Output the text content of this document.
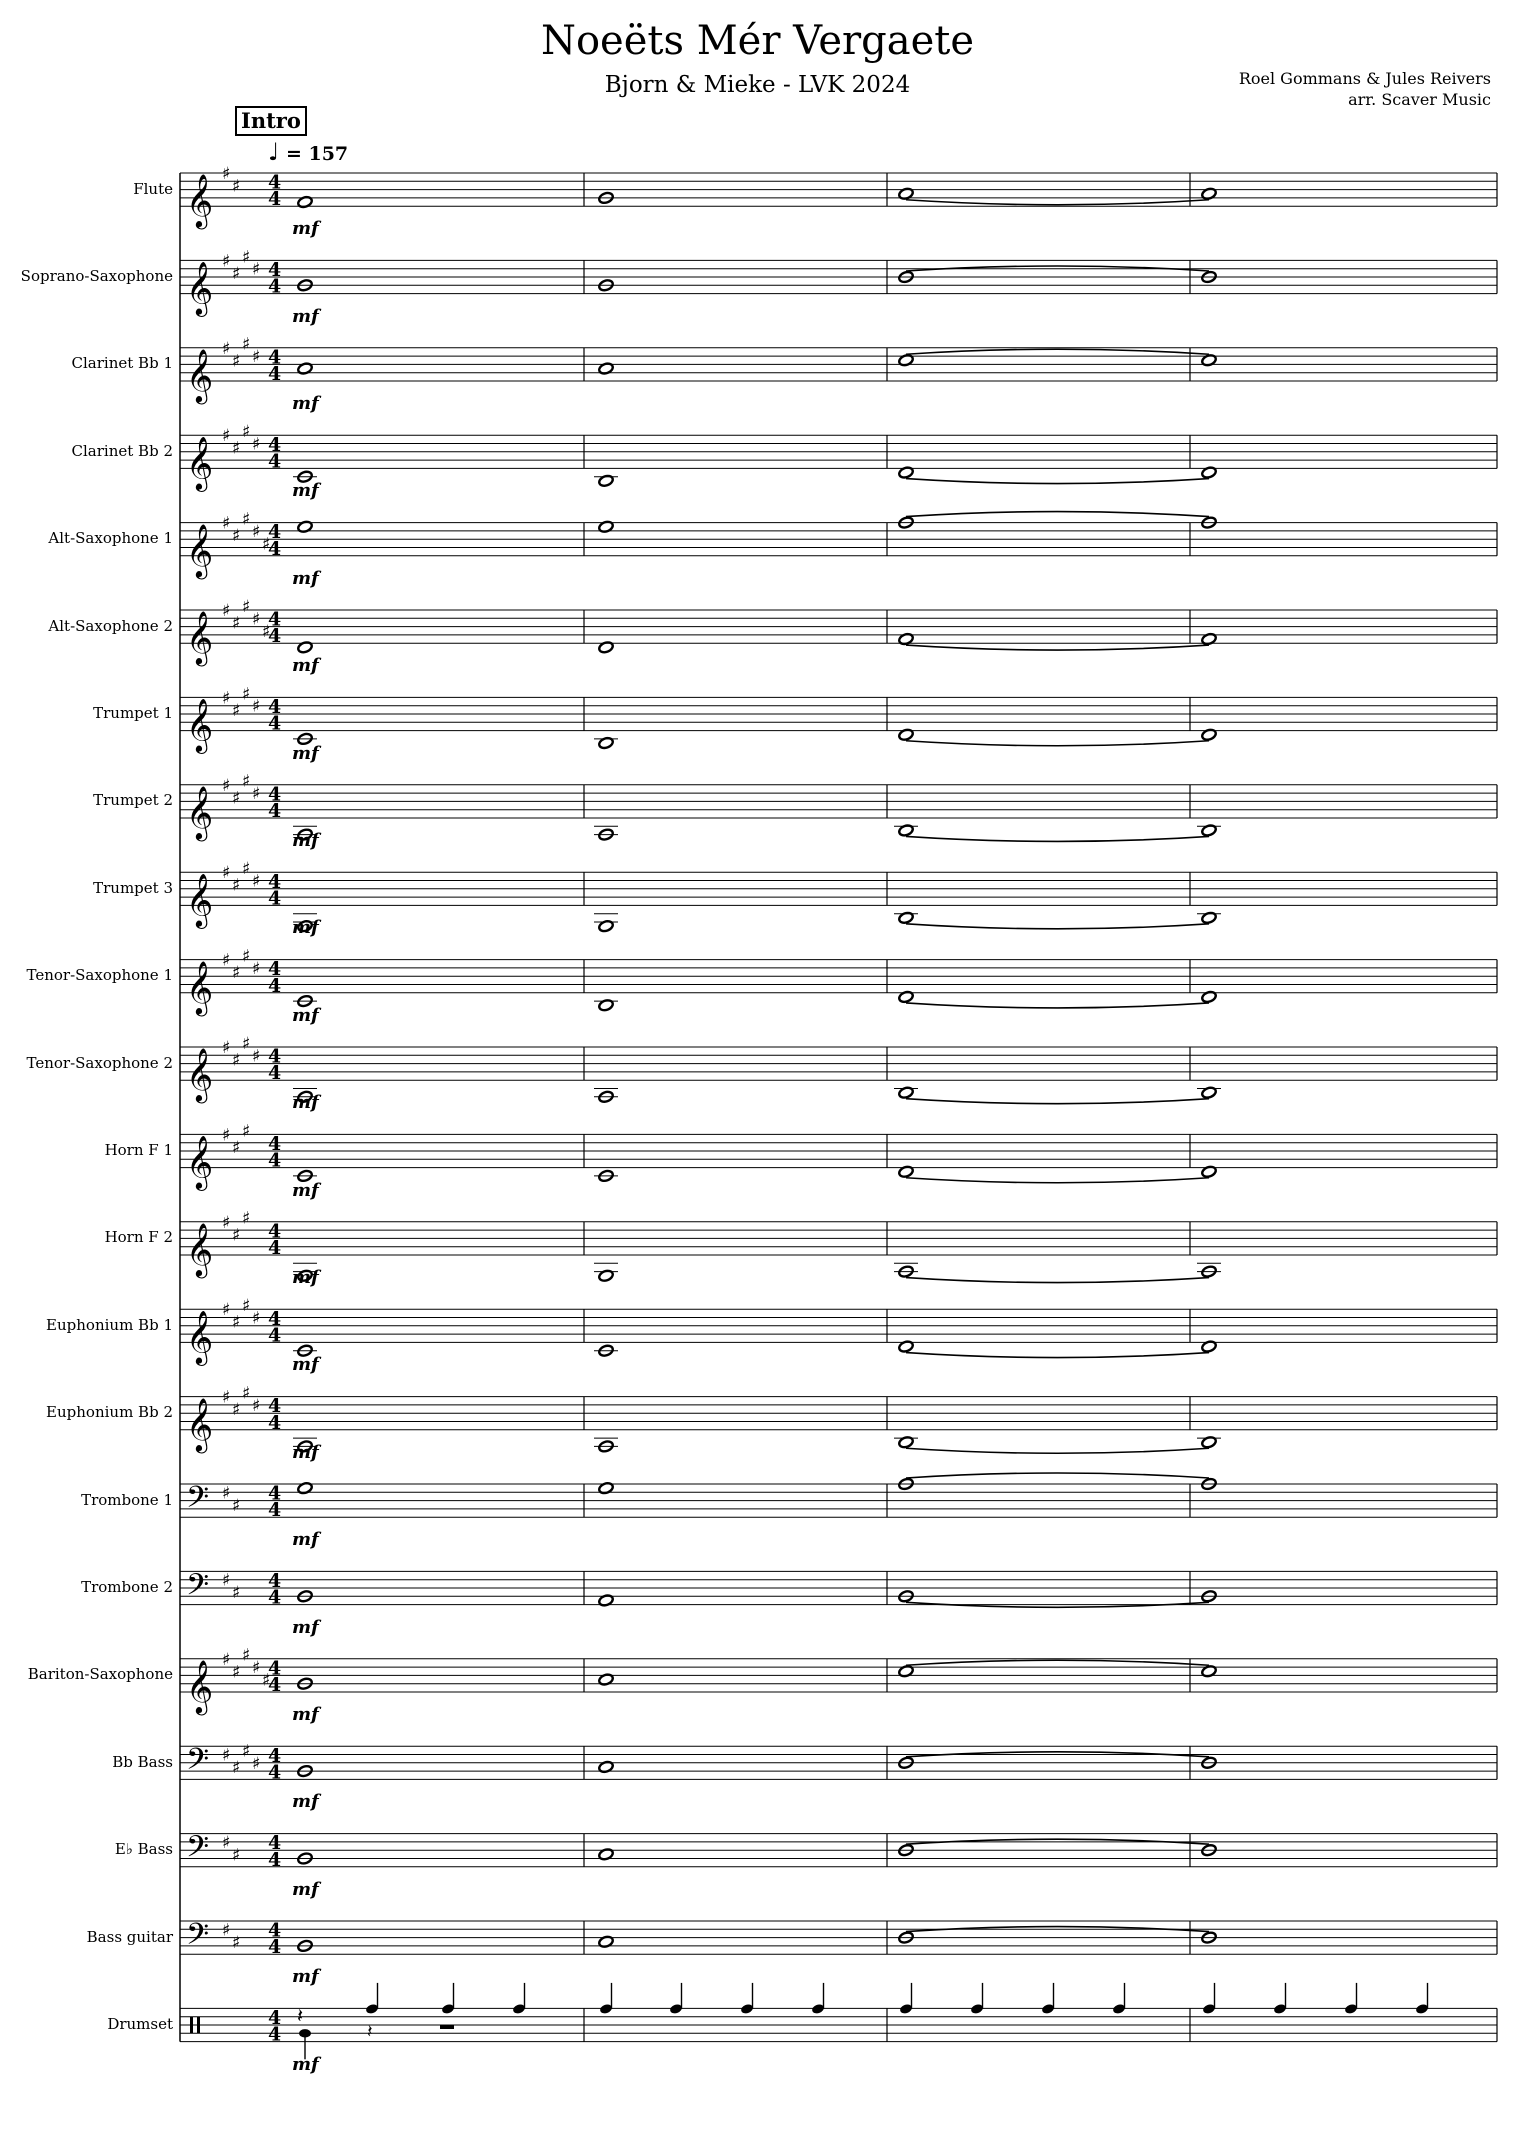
Noeëts Mér Vergaete
Bjorn & Mieke - LVK 2024	Roel Gommans & Jules Reivers
arr. Scaver Music
Intro
♩ = 157
𝄞 ♯
♯ 4
4
𝄞 ♯
♯
♯
♯ 4
4
𝄞 ♯
♯
♯
♯ 4
4
𝄞 ♯
♯
♯
♯ 4
4
𝄞 ♯
♯
♯
♯
♯
4
4
𝄞 ♯
♯
♯
♯
♯
4
4
𝄞 ♯
♯
♯
♯ 4
4
𝄞 ♯
♯
♯
♯ 4
4
𝄞 ♯
♯
♯
♯ 4
4
𝄞 ♯
♯
♯
♯ 4
4
𝄞 ♯
♯
♯
♯ 4
4
𝄞 ♯
♯
♯
4
4
𝄞 ♯
♯
♯
4
4
𝄞 ♯
♯
♯
♯ 4
4
𝄞 ♯
♯
♯
♯ 4
4
𝄢 ♯
♯
4
4
𝄢 ♯
♯
4
4
𝄞 ♯
♯
♯
♯
♯
4
4
𝄢 ♯
♯
♯
♯ 4
4
𝄢 ♯
♯
4
4
𝄢 ♯
♯
4
4
4
4
𝄽
𝄽
Flute
mf
Soprano-Saxophone
mf
Clarinet Bb 1
mf
Clarinet Bb 2
mf
Alt-Saxophone 1
mf
Alt-Saxophone 2
mf
Trumpet 1
mf
Trumpet 2
mf
Trumpet 3
mf
Tenor-Saxophone 1
mf
Tenor-Saxophone 2
mf
Horn F 1
mf
Horn F 2
mf
Euphonium Bb 1
mf
Euphonium Bb 2
mf
Trombone 1
mf
Trombone 2
mf
Bariton-Saxophone
mf
Bb Bass
mf
E♭ Bass
mf
Bass guitar
mf
Drumset
mf
